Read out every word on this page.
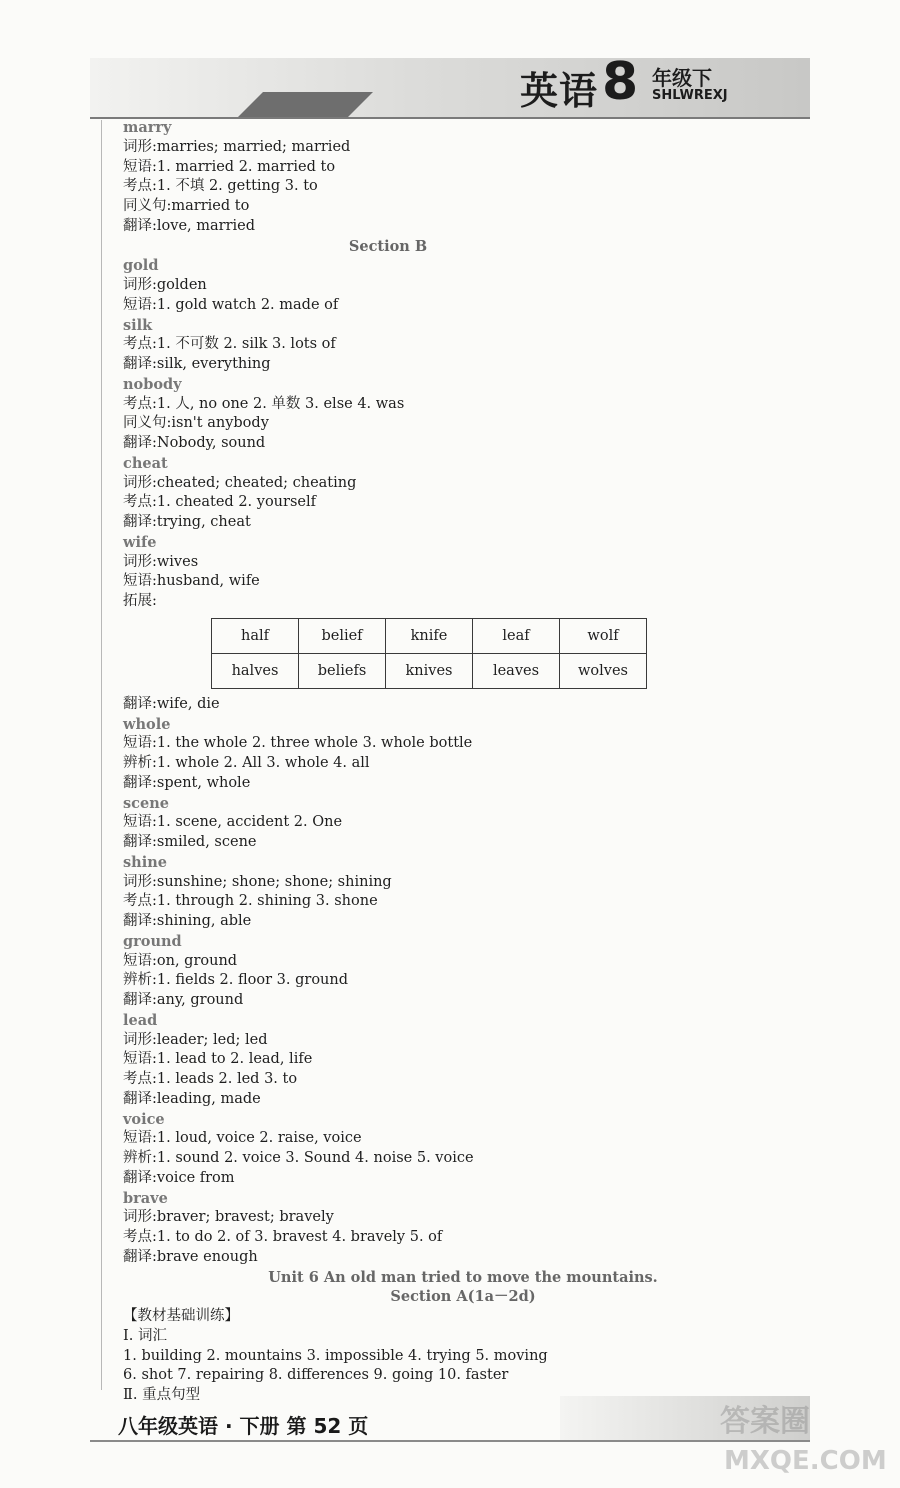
英语 8 年级下
SHLWREXJ
marry
词形:marries; married; married
短语:1. married 2. married to
考点:1. 不填 2. getting 3. to
同义句:married to
翻译:love, married
Section B
gold
词形:golden
短语:1. gold watch 2. made of
silk
考点:1. 不可数 2. silk 3. lots of
翻译:silk, everything
nobody
考点:1. 人, no one 2. 单数 3. else 4. was
同义句:isn't anybody
翻译:Nobody, sound
cheat
词形:cheated; cheated; cheating
考点:1. cheated 2. yourself
翻译:trying, cheat
wife
词形:wives
短语:husband, wife
拓展:
half	belief	knife	leaf	wolf
halves	beliefs	knives	leaves	wolves
翻译:wife, die
whole
短语:1. the whole 2. three whole 3. whole bottle
辨析:1. whole 2. All 3. whole 4. all
翻译:spent, whole
scene
短语:1. scene, accident 2. One
翻译:smiled, scene
shine
词形:sunshine; shone; shone; shining
考点:1. through 2. shining 3. shone
翻译:shining, able
ground
短语:on, ground
辨析:1. fields 2. floor 3. ground
翻译:any, ground
lead
词形:leader; led; led
短语:1. lead to 2. lead, life
考点:1. leads 2. led 3. to
翻译:leading, made
voice
短语:1. loud, voice 2. raise, voice
辨析:1. sound 2. voice 3. Sound 4. noise 5. voice
翻译:voice from
brave
词形:braver; bravest; bravely
考点:1. to do 2. of 3. bravest 4. bravely 5. of
翻译:brave enough
Unit 6 An old man tried to move the mountains.
Section A(1a－2d)
【教材基础训练】
Ⅰ. 词汇
1. building 2. mountains 3. impossible 4. trying 5. moving
6. shot 7. repairing 8. differences 9. going 10. faster
Ⅱ. 重点句型
八年级英语 · 下册 第 52 页	答案圈
MXQE.COM
